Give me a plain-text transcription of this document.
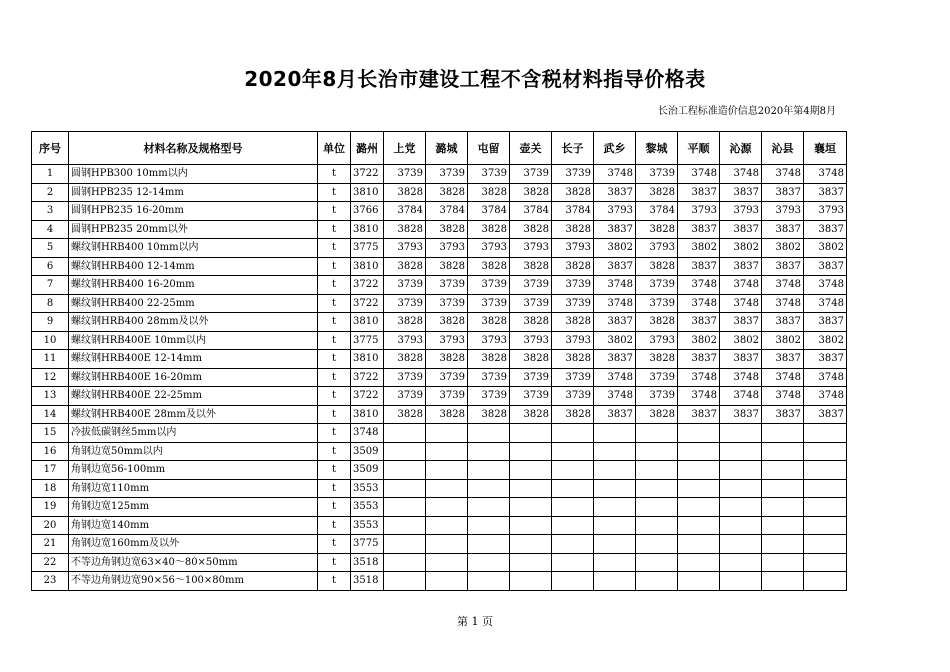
2020年8月长治市建设工程不含税材料指导价格表
长治工程标准造价信息2020年第4期8月
序号	材料名称及规格型号	单位	潞州	上党	潞城	屯留	壶关	长子	武乡	黎城	平顺	沁源	沁县	襄垣
1	圆钢HPB300 10mm以内	t	3722	3739	3739	3739	3739	3739	3748	3739	3748	3748	3748	3748
2	圆钢HPB235 12-14mm	t	3810	3828	3828	3828	3828	3828	3837	3828	3837	3837	3837	3837
3	圆钢HPB235 16-20mm	t	3766	3784	3784	3784	3784	3784	3793	3784	3793	3793	3793	3793
4	圆钢HPB235 20mm以外	t	3810	3828	3828	3828	3828	3828	3837	3828	3837	3837	3837	3837
5	螺纹钢HRB400 10mm以内	t	3775	3793	3793	3793	3793	3793	3802	3793	3802	3802	3802	3802
6	螺纹钢HRB400 12-14mm	t	3810	3828	3828	3828	3828	3828	3837	3828	3837	3837	3837	3837
7	螺纹钢HRB400 16-20mm	t	3722	3739	3739	3739	3739	3739	3748	3739	3748	3748	3748	3748
8	螺纹钢HRB400 22-25mm	t	3722	3739	3739	3739	3739	3739	3748	3739	3748	3748	3748	3748
9	螺纹钢HRB400 28mm及以外	t	3810	3828	3828	3828	3828	3828	3837	3828	3837	3837	3837	3837
10	螺纹钢HRB400E 10mm以内	t	3775	3793	3793	3793	3793	3793	3802	3793	3802	3802	3802	3802
11	螺纹钢HRB400E 12-14mm	t	3810	3828	3828	3828	3828	3828	3837	3828	3837	3837	3837	3837
12	螺纹钢HRB400E 16-20mm	t	3722	3739	3739	3739	3739	3739	3748	3739	3748	3748	3748	3748
13	螺纹钢HRB400E 22-25mm	t	3722	3739	3739	3739	3739	3739	3748	3739	3748	3748	3748	3748
14	螺纹钢HRB400E 28mm及以外	t	3810	3828	3828	3828	3828	3828	3837	3828	3837	3837	3837	3837
15	冷拔低碳钢丝5mm以内	t	3748											
16	角钢边宽50mm以内	t	3509											
17	角钢边宽56-100mm	t	3509											
18	角钢边宽110mm	t	3553											
19	角钢边宽125mm	t	3553											
20	角钢边宽140mm	t	3553											
21	角钢边宽160mm及以外	t	3775											
22	不等边角钢边宽63×40～80×50mm	t	3518											
23	不等边角钢边宽90×56～100×80mm	t	3518											
第 1 页
